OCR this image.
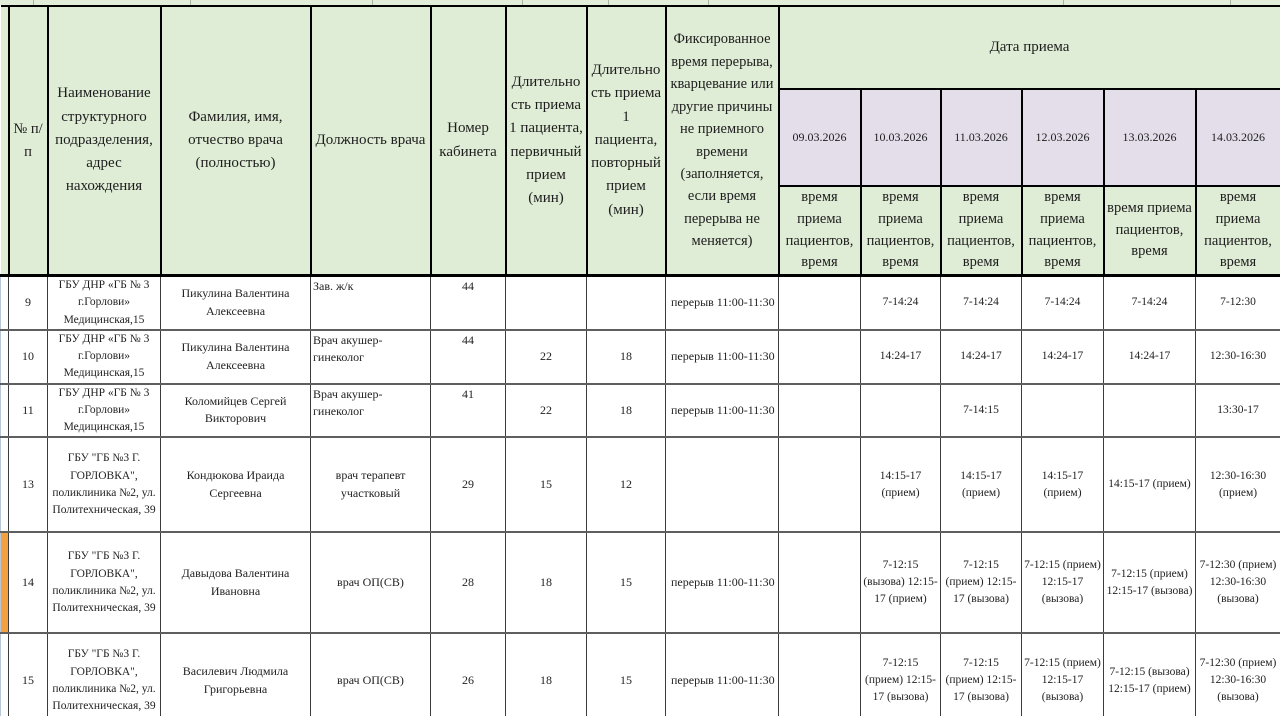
	№ п/п	Наименование структурного подразделения, адрес нахождения	Фамилия, имя, отчество врача (полностью)	Должность врача	Номер кабинета	Длительность приема 1 пациента, первичный прием (мин)	Длительность приема 1 пациента, повторный прием (мин)	Фиксированное время перерыва, кварцевание или другие причины не приемного времени (заполняется, если время перерыва не меняется)	Дата приема					
									09.03.2026	10.03.2026	11.03.2026	12.03.2026	13.03.2026	14.03.2026
									время приема пациентов, время	время приема пациентов, время	время приема пациентов, время	время приема пациентов, время	время приема пациентов, время	время приема пациентов, время
	9	ГБУ ДНР «ГБ № 3 г.Горлови» Медицинская,15	Пикулина Валентина Алексеевна	Зав. ж/к	44			перерыв 11:00-11:30		7-14:24	7-14:24	7-14:24	7-14:24	7-12:30
	10	ГБУ ДНР «ГБ № 3 г.Горлови» Медицинская,15	Пикулина Валентина Алексеевна	Врач акушер-гинеколог	44	22	18	перерыв 11:00-11:30		14:24-17	14:24-17	14:24-17	14:24-17	12:30-16:30
	11	ГБУ ДНР «ГБ № 3 г.Горлови» Медицинская,15	Коломийцев Сергей Викторович	Врач акушер-гинеколог	41	22	18	перерыв 11:00-11:30			7-14:15			13:30-17
	13	ГБУ "ГБ №3 Г. ГОРЛОВКА", поликлиника №2, ул. Политехническая, 39	Кондюкова Ираида Сергеевна	врач терапевт участковый	29	15	12			14:15-17 (прием)	14:15-17 (прием)	14:15-17 (прием)	14:15-17 (прием)	12:30-16:30 (прием)
	14	ГБУ "ГБ №3 Г. ГОРЛОВКА", поликлиника №2, ул. Политехническая, 39	Давыдова Валентина Ивановна	врач ОП(СВ)	28	18	15	перерыв 11:00-11:30		7-12:15 (вызова) 12:15-17 (прием)	7-12:15 (прием) 12:15-17 (вызова)	7-12:15 (прием) 12:15-17 (вызова)	7-12:15 (прием) 12:15-17 (вызова)	7-12:30 (прием) 12:30-16:30 (вызова)
	15	ГБУ "ГБ №3 Г. ГОРЛОВКА", поликлиника №2, ул. Политехническая, 39	Василевич Людмила Григорьевна	врач ОП(СВ)	26	18	15	перерыв 11:00-11:30		7-12:15 (прием) 12:15-17 (вызова)	7-12:15 (прием) 12:15-17 (вызова)	7-12:15 (прием) 12:15-17 (вызова)	7-12:15 (вызова) 12:15-17 (прием)	7-12:30 (прием) 12:30-16:30 (вызова)
